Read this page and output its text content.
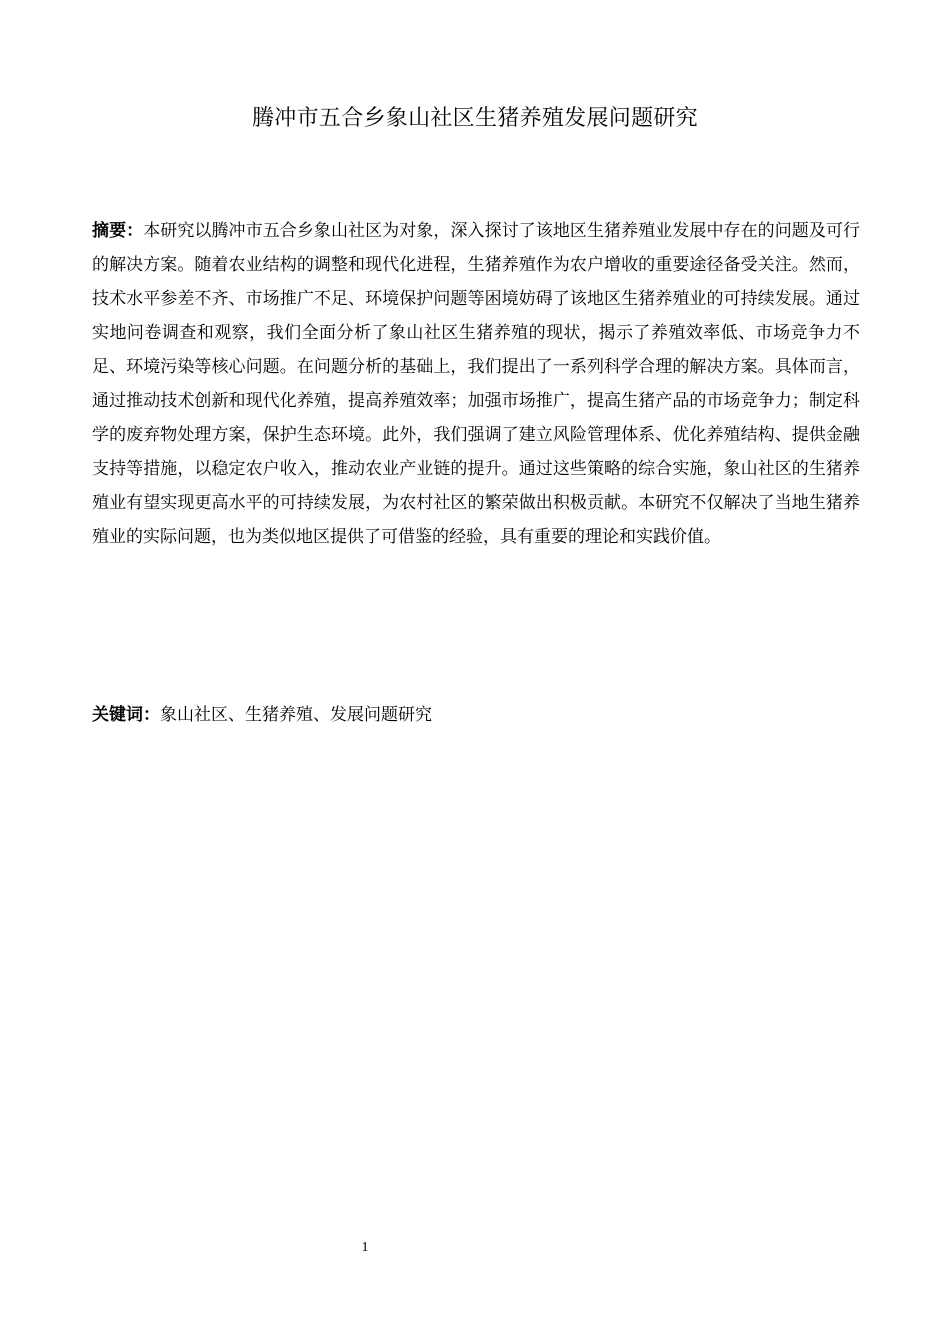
腾冲市五合乡象山社区生猪养殖发展问题研究

摘要：本研究以腾冲市五合乡象山社区为对象，深入探讨了该地区生猪养殖业发展中存在的问题及可行的解决方案。随着农业结构的调整和现代化进程，生猪养殖作为农户增收的重要途径备受关注。然而，技术水平参差不齐、市场推广不足、环境保护问题等困境妨碍了该地区生猪养殖业的可持续发展。通过实地问卷调查和观察，我们全面分析了象山社区生猪养殖的现状，揭示了养殖效率低、市场竞争力不足、环境污染等核心问题。在问题分析的基础上，我们提出了一系列科学合理的解决方案。具体而言，通过推动技术创新和现代化养殖，提高养殖效率；加强市场推广，提高生猪产品的市场竞争力；制定科学的废弃物处理方案，保护生态环境。此外，我们强调了建立风险管理体系、优化养殖结构、提供金融支持等措施，以稳定农户收入，推动农业产业链的提升。通过这些策略的综合实施，象山社区的生猪养殖业有望实现更高水平的可持续发展，为农村社区的繁荣做出积极贡献。本研究不仅解决了当地生猪养殖业的实际问题，也为类似地区提供了可借鉴的经验，具有重要的理论和实践价值。

关键词：象山社区、生猪养殖、发展问题研究

1
